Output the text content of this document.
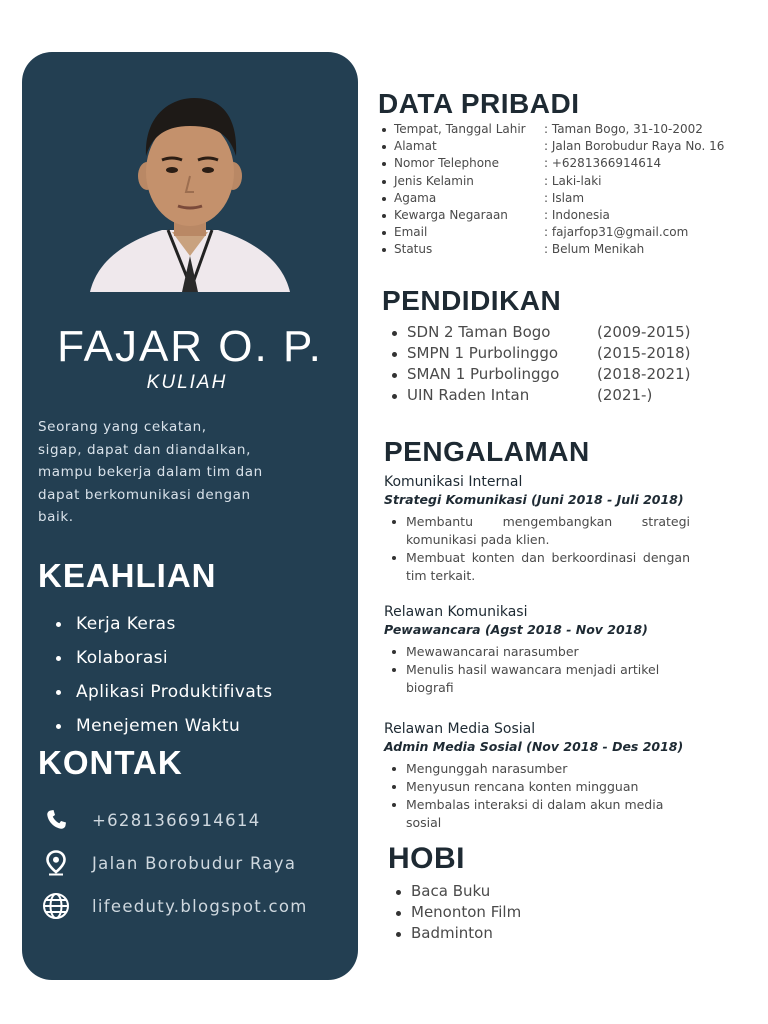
FAJAR O. P.
KULIAH

Seorang yang cekatan,
sigap, dapat dan diandalkan,
mampu bekerja dalam tim dan
dapat berkomunikasi dengan
baik.

KEAHLIAN
Kerja Keras
Kolaborasi
Aplikasi Produktifivats
Menejemen Waktu
KONTAK
+6281366914614
Jalan Borobudur Raya
lifeeduty.blogspot.com
DATA PRIBADI
Tempat, Tanggal Lahir : Taman Bogo, 31-10-2002
Alamat	: Jalan Borobudur Raya No. 16
Nomor Telephone	: +6281366914614
Jenis Kelamin	: Laki-laki
Agama	: Islam
Kewarga Negaraan	: Indonesia
Email	: fajarfop31@gmail.com
Status	: Belum Menikah
PENDIDIKAN
SDN 2 Taman Bogo	(2009-2015)
SMPN 1 Purbolinggo	(2015-2018)
SMAN 1 Purbolinggo	(2018-2021)
UIN Raden Intan	(2021-)
PENGALAMAN
Komunikasi Internal
Strategi Komunikasi (Juni 2018 - Juli 2018)
Membantu mengembangkan strategi komunikasi pada klien.
Membuat konten dan berkoordinasi dengan tim terkait.
Relawan Komunikasi
Pewawancara (Agst 2018 - Nov 2018)
Mewawancarai narasumber
Menulis hasil wawancara menjadi artikel biografi
Relawan Media Sosial
Admin Media Sosial (Nov 2018 - Des 2018)
Mengunggah narasumber
Menyusun rencana konten mingguan
Membalas interaksi di dalam akun media sosial
HOBI
Baca Buku
Menonton Film
Badminton
